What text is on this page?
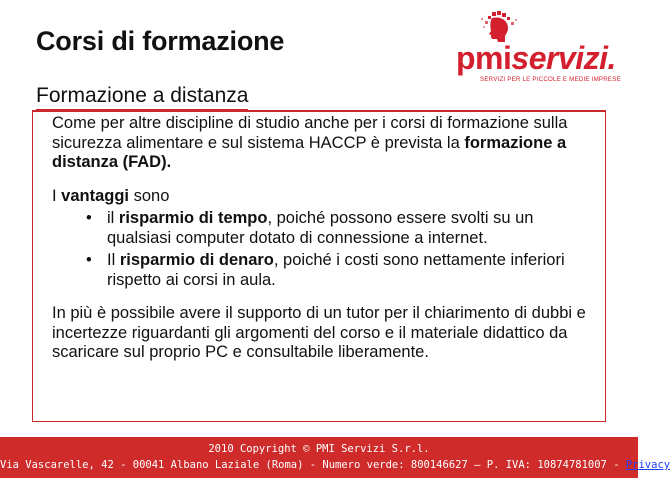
Corsi di formazione
Formazione a distanza
pmiservizi.
SERVIZI PER LE PICCOLE E MEDIE IMPRESE

Come per altre discipline di studio anche per i corsi di formazione sulla sicurezza alimentare e sul sistema HACCP è prevista la formazione a distanza (FAD).

I vantaggi sono

• il risparmio di tempo, poiché possono essere svolti su un qualsiasi computer dotato di connessione a internet.
• Il risparmio di denaro, poiché i costi sono nettamente inferiori rispetto ai corsi in aula.

In più è possibile avere il supporto di un tutor per il chiarimento di dubbi e incertezze riguardanti gli argomenti del corso e il materiale didattico da scaricare sul proprio PC e consultabile liberamente.

2010 Copyright © PMI Servizi S.r.l.
Via Vascarelle, 42 - 00041 Albano Laziale (Roma) - Numero verde: 800146627 – P. IVA: 10874781007 - Privacy
